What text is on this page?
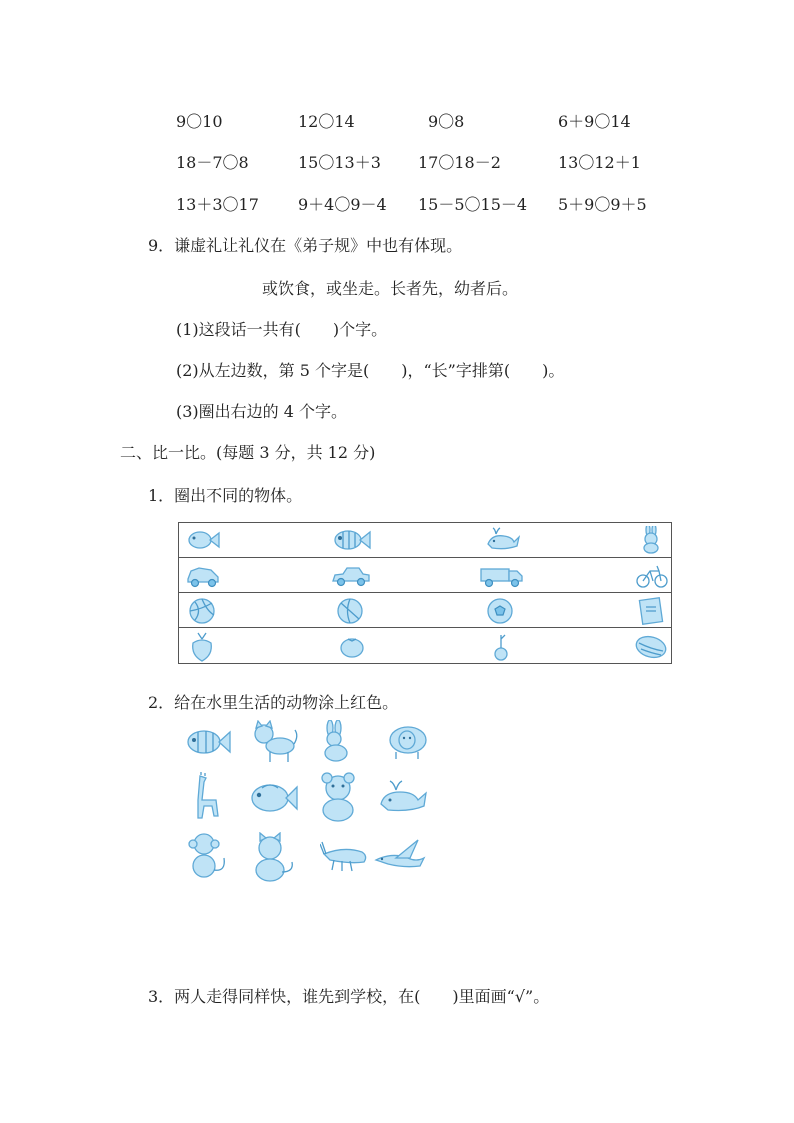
9〇10	12〇14	9〇8	6＋9〇14
18－7〇8	15〇13＋3 17〇18－2	13〇12＋1
13＋3〇17 9＋4〇9－4 15－5〇15－4 5＋9〇9＋5
9．谦虚礼让礼仪在《弟子规》中也有体现。
或饮食，或坐走。长者先，幼者后。
(1)这段话一共有(　　)个字。
(2)从左边数，第 5 个字是(　　)，“长”字排第(　　)。
(3)圈出右边的 4 个字。
二、比一比。(每题 3 分，共 12 分)
1．圈出不同的物体。
2．给在水里生活的动物涂上红色。
3．两人走得同样快，谁先到学校，在(　　)里面画“√”。
